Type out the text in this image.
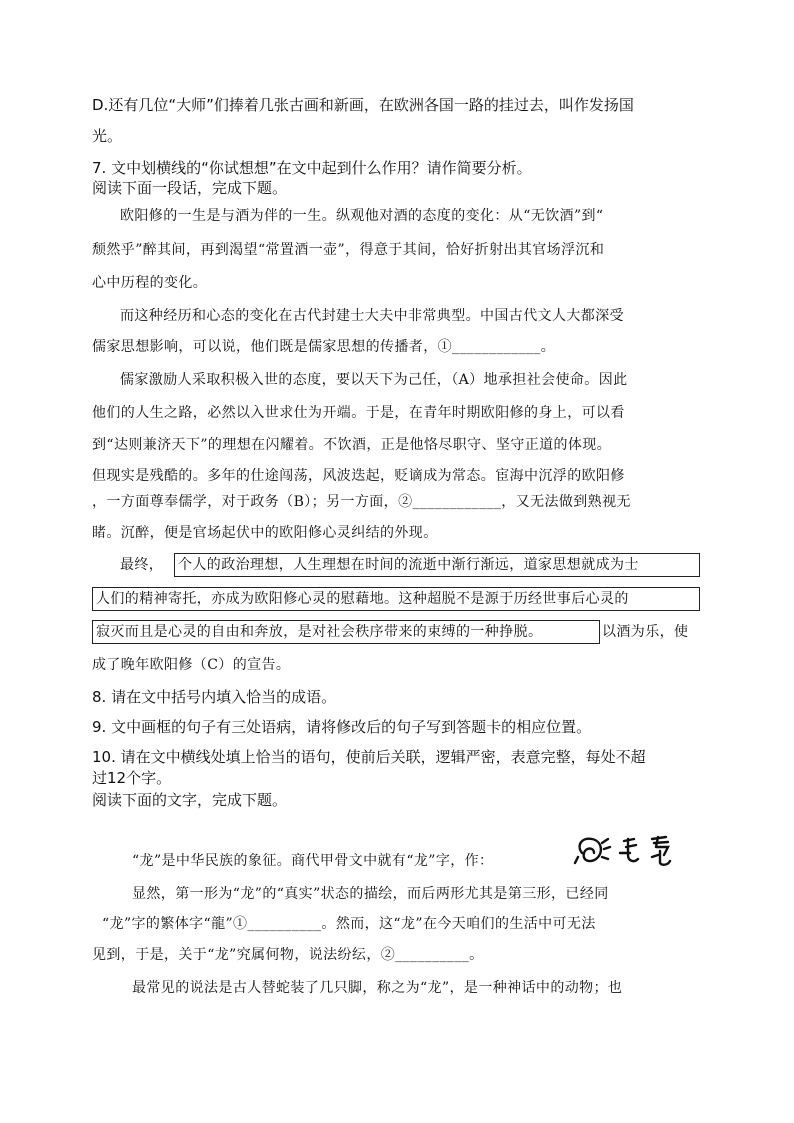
D.还有几位“大师”们捧着几张古画和新画，在欧洲各国一路的挂过去，叫作发扬国
光。
7. 文中划横线的“你试想想”在文中起到什么作用？请作简要分析。
阅读下面一段话，完成下题。
欧阳修的一生是与酒为伴的一生。纵观他对酒的态度的变化：从“无饮酒”到“
颓然乎”醉其间，再到渴望“常置酒一壶”，得意于其间，恰好折射出其官场浮沉和
心中历程的变化。
而这种经历和心态的变化在古代封建士大夫中非常典型。中国古代文人大都深受
儒家思想影响，可以说，他们既是儒家思想的传播者，①____________。
儒家激励人采取积极入世的态度，要以天下为己任，（A）地承担社会使命。因此
他们的人生之路，必然以入世求仕为开端。于是，在青年时期欧阳修的身上，可以看
到“达则兼济天下”的理想在闪耀着。不饮酒，正是他恪尽职守、坚守正道的体现。
但现实是残酷的。多年的仕途闯荡，风波迭起，贬谪成为常态。宦海中沉浮的欧阳修
，一方面尊奉儒学，对于政务（B）；另一方面，②____________，又无法做到熟视无
睹。沉醉，便是官场起伏中的欧阳修心灵纠结的外现。
最终， 个人的政治理想，人生理想在时间的流逝中渐行渐远，道家思想就成为士
人们的精神寄托，亦成为欧阳修心灵的慰藉地。这种超脱不是源于历经世事后心灵的
寂灭而且是心灵的自由和奔放，是对社会秩序带来的束缚的一种挣脱。	以酒为乐，使
成了晚年欧阳修（C）的宣告。
8. 请在文中括号内填入恰当的成语。
9. 文中画框的句子有三处语病，请将修改后的句子写到答题卡的相应位置。
10. 请在文中横线处填上恰当的语句，使前后关联，逻辑严密，表意完整，每处不超
过12个字。
阅读下面的文字，完成下题。
“龙”是中华民族的象征。商代甲骨文中就有“龙”字，作：
显然，第一形为“龙”的“真实”状态的描绘，而后两形尤其是第三形，已经同
“龙”字的繁体字“龍”①__________。然而，这“龙”在今天咱们的生活中可无法
见到，于是，关于“龙”究属何物，说法纷纭，②__________。
最常见的说法是古人替蛇装了几只脚，称之为“龙”，是一种神话中的动物；也
